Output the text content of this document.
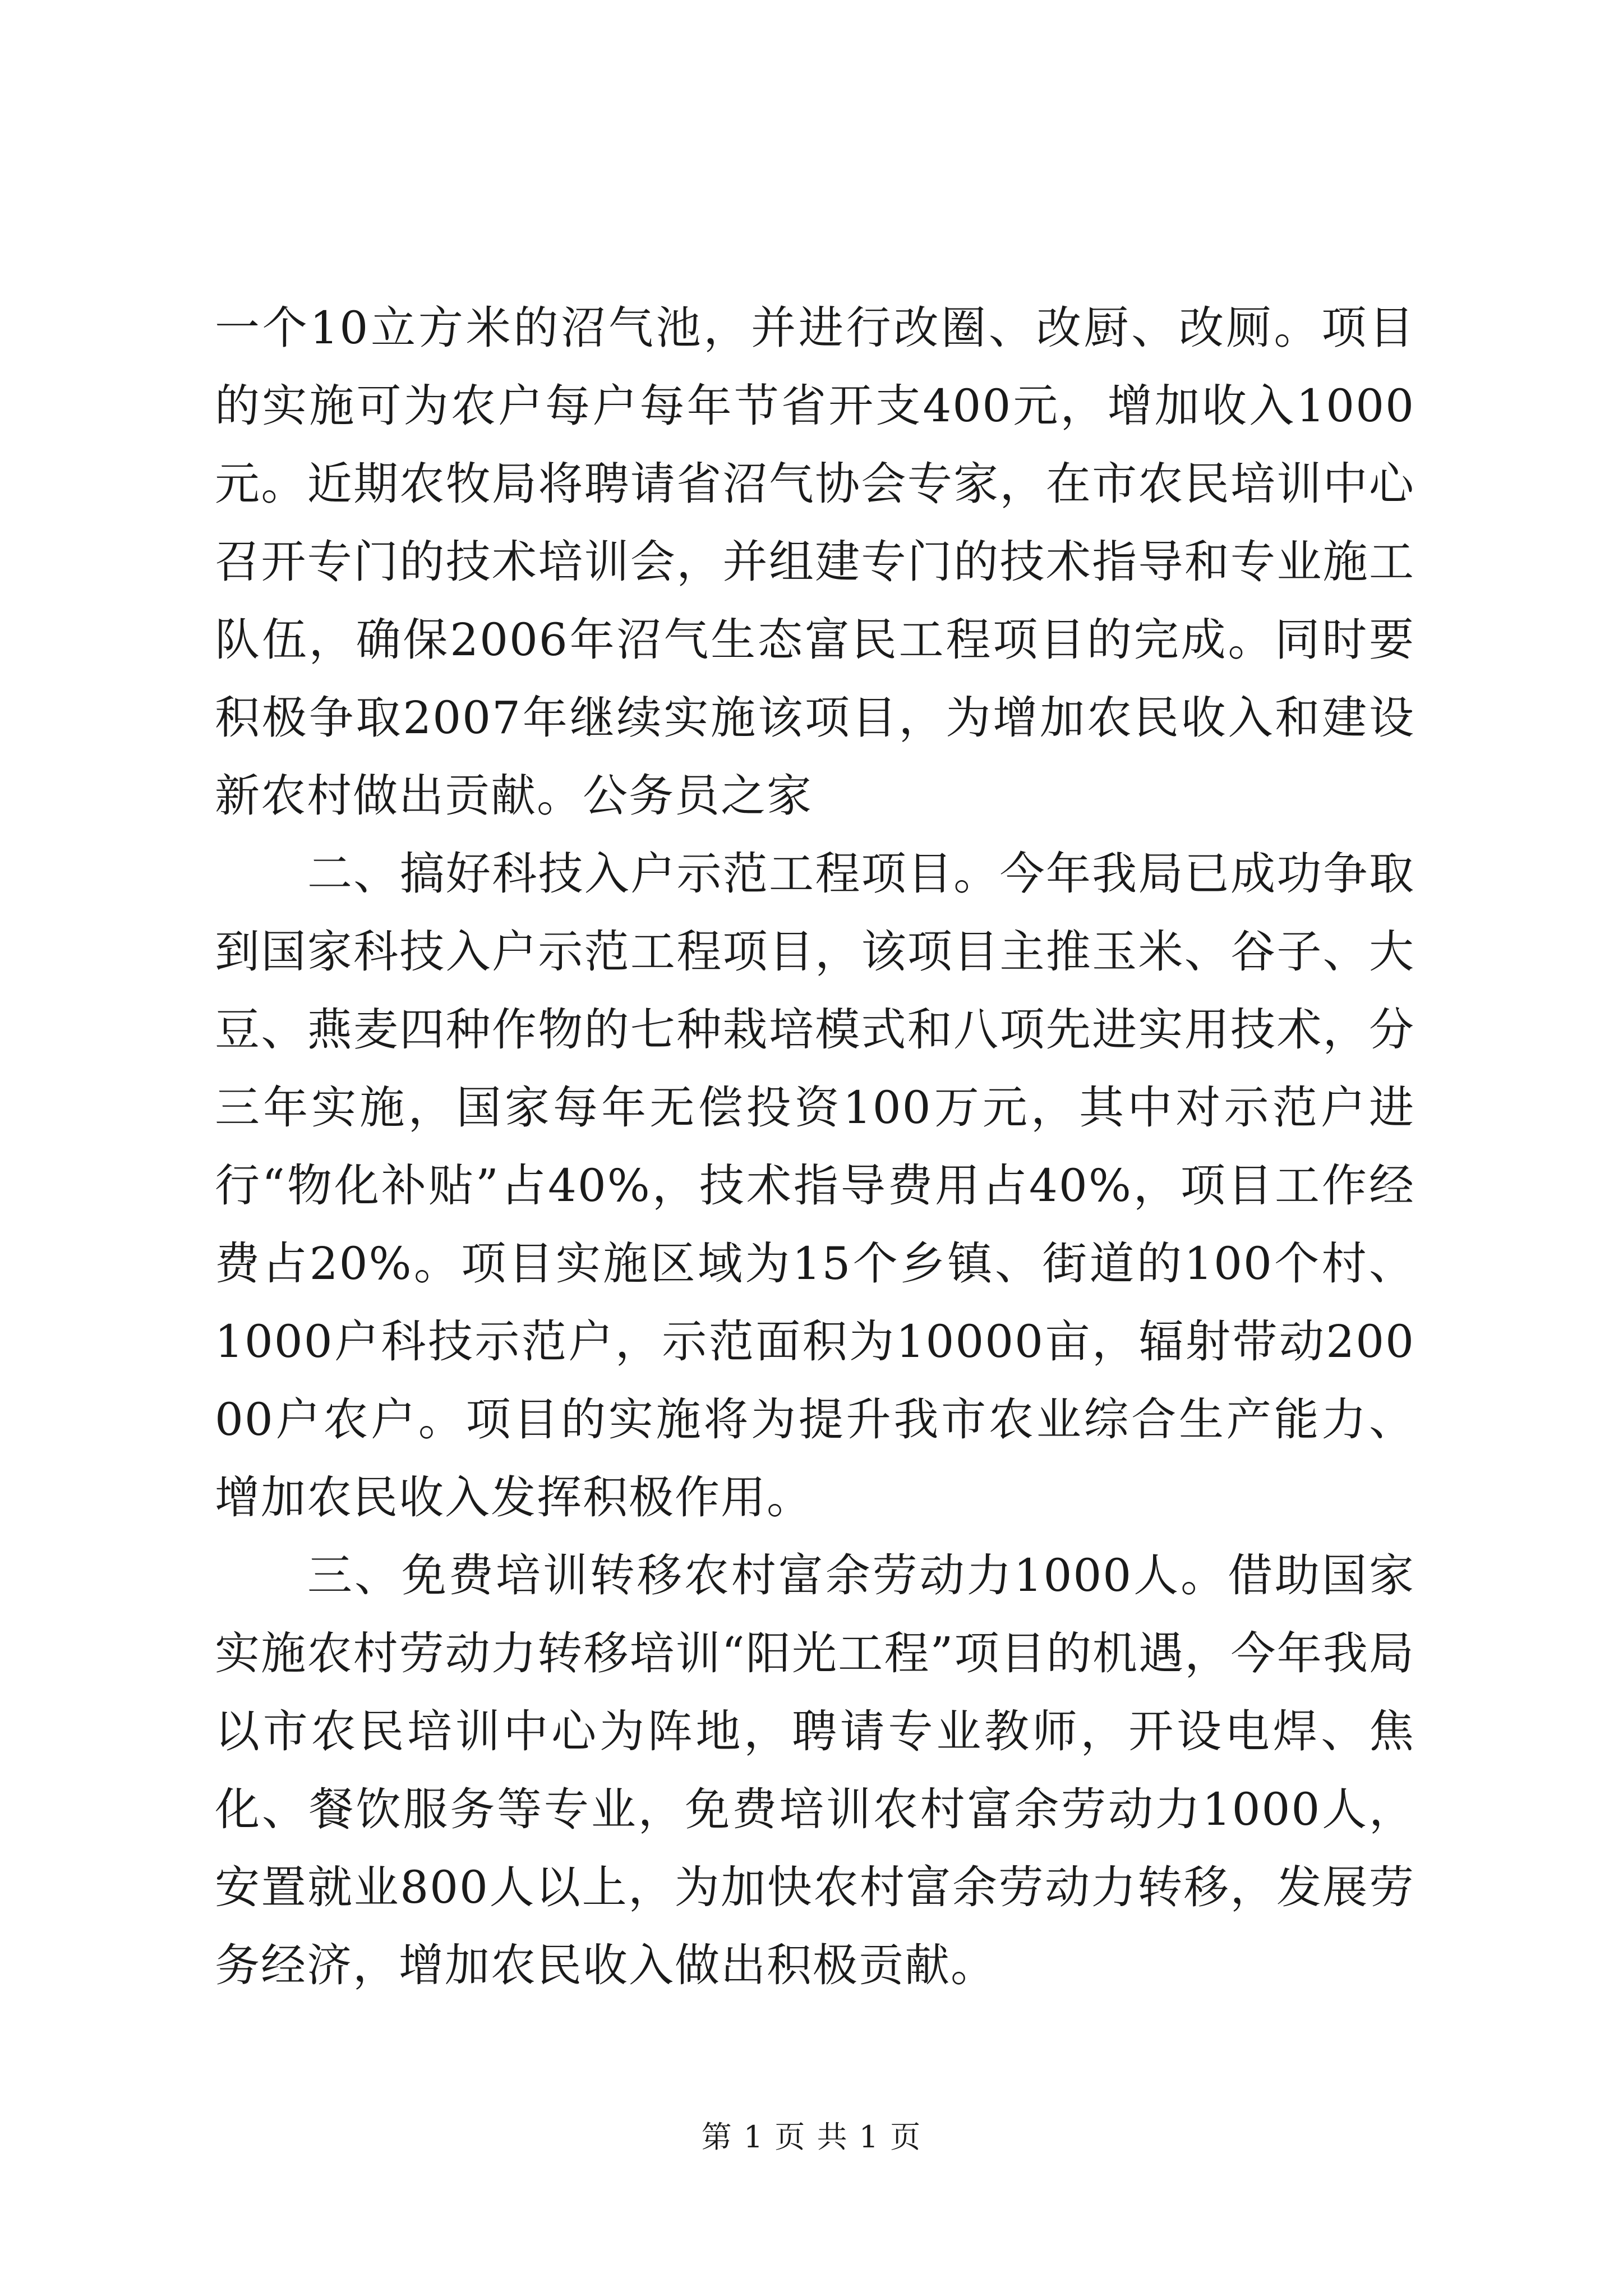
一个10立方米的沼气池，并进行改圈、改厨、改厕。项目的实施可为农户每户每年节省开支400元，增加收入1000元。近期农牧局将聘请省沼气协会专家，在市农民培训中心召开专门的技术培训会，并组建专门的技术指导和专业施工队伍，确保2006年沼气生态富民工程项目的完成。同时要积极争取2007年继续实施该项目，为增加农民收入和建设新农村做出贡献。公务员之家

二、搞好科技入户示范工程项目。今年我局已成功争取到国家科技入户示范工程项目，该项目主推玉米、谷子、大豆、燕麦四种作物的七种栽培模式和八项先进实用技术，分三年实施，国家每年无偿投资100万元，其中对示范户进行“物化补贴”占40%，技术指导费用占40%，项目工作经费占20%。项目实施区域为15个乡镇、街道的100个村、1000户科技示范户，示范面积为10000亩，辐射带动20000户农户。项目的实施将为提升我市农业综合生产能力、增加农民收入发挥积极作用。

三、免费培训转移农村富余劳动力1000人。借助国家实施农村劳动力转移培训“阳光工程”项目的机遇，今年我局以市农民培训中心为阵地，聘请专业教师，开设电焊、焦化、餐饮服务等专业，免费培训农村富余劳动力1000人，安置就业800人以上，为加快农村富余劳动力转移，发展劳务经济，增加农民收入做出积极贡献。

第 1 页 共 1 页
